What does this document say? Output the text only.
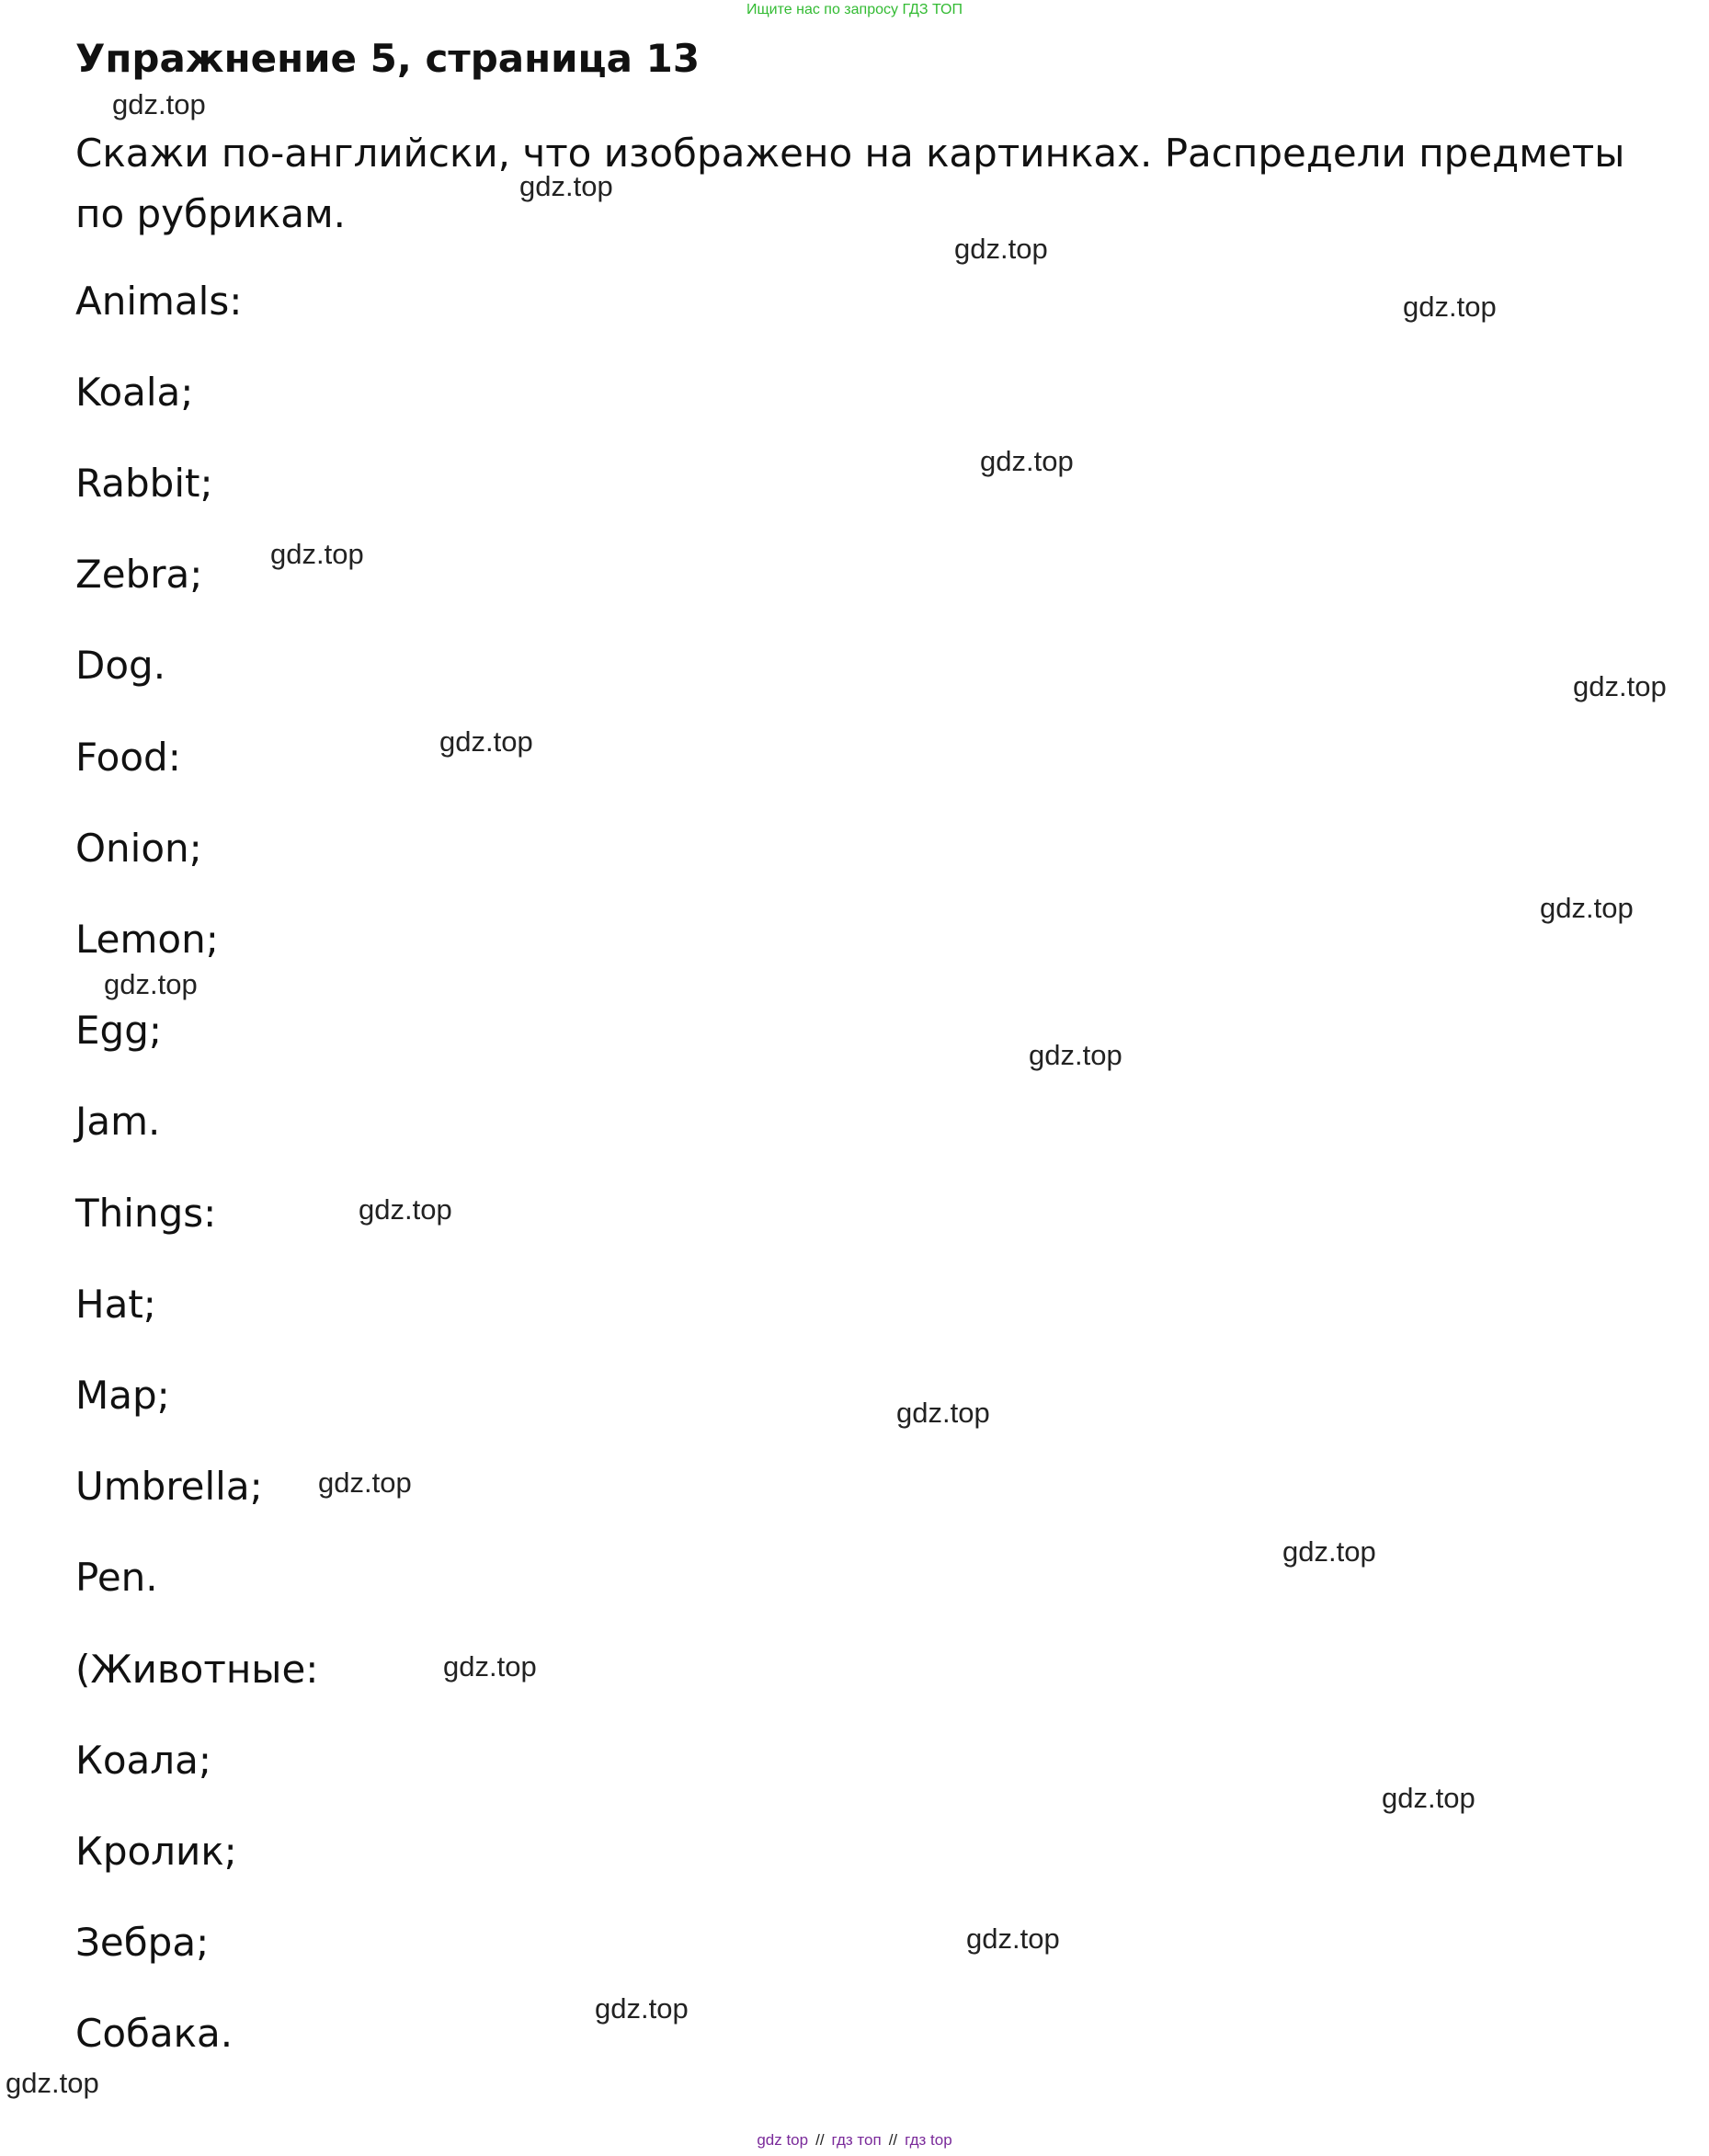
Ищите нас по запросу ГДЗ ТОП
Упражнение 5, страница 13

Скажи по-английски, что изображено на картинках. Распредели предметы по рубрикам.

Animals:
Koala;
Rabbit;
Zebra;
Dog.
Food:
Onion;
Lemon;
Egg;
Jam.
Things:
Hat;
Map;
Umbrella;
Pen.
(Животные:
Коала;
Кролик;
Зебра;
Собака.
gdz.top
gdz.top
gdz.top
gdz.top
gdz.top
gdz.top
gdz.top
gdz.top
gdz.top
gdz.top
gdz.top
gdz.top
gdz.top
gdz.top
gdz.top
gdz.top
gdz.top
gdz.top
gdz.top
gdz.top
gdz top // гдз топ // гдз top
